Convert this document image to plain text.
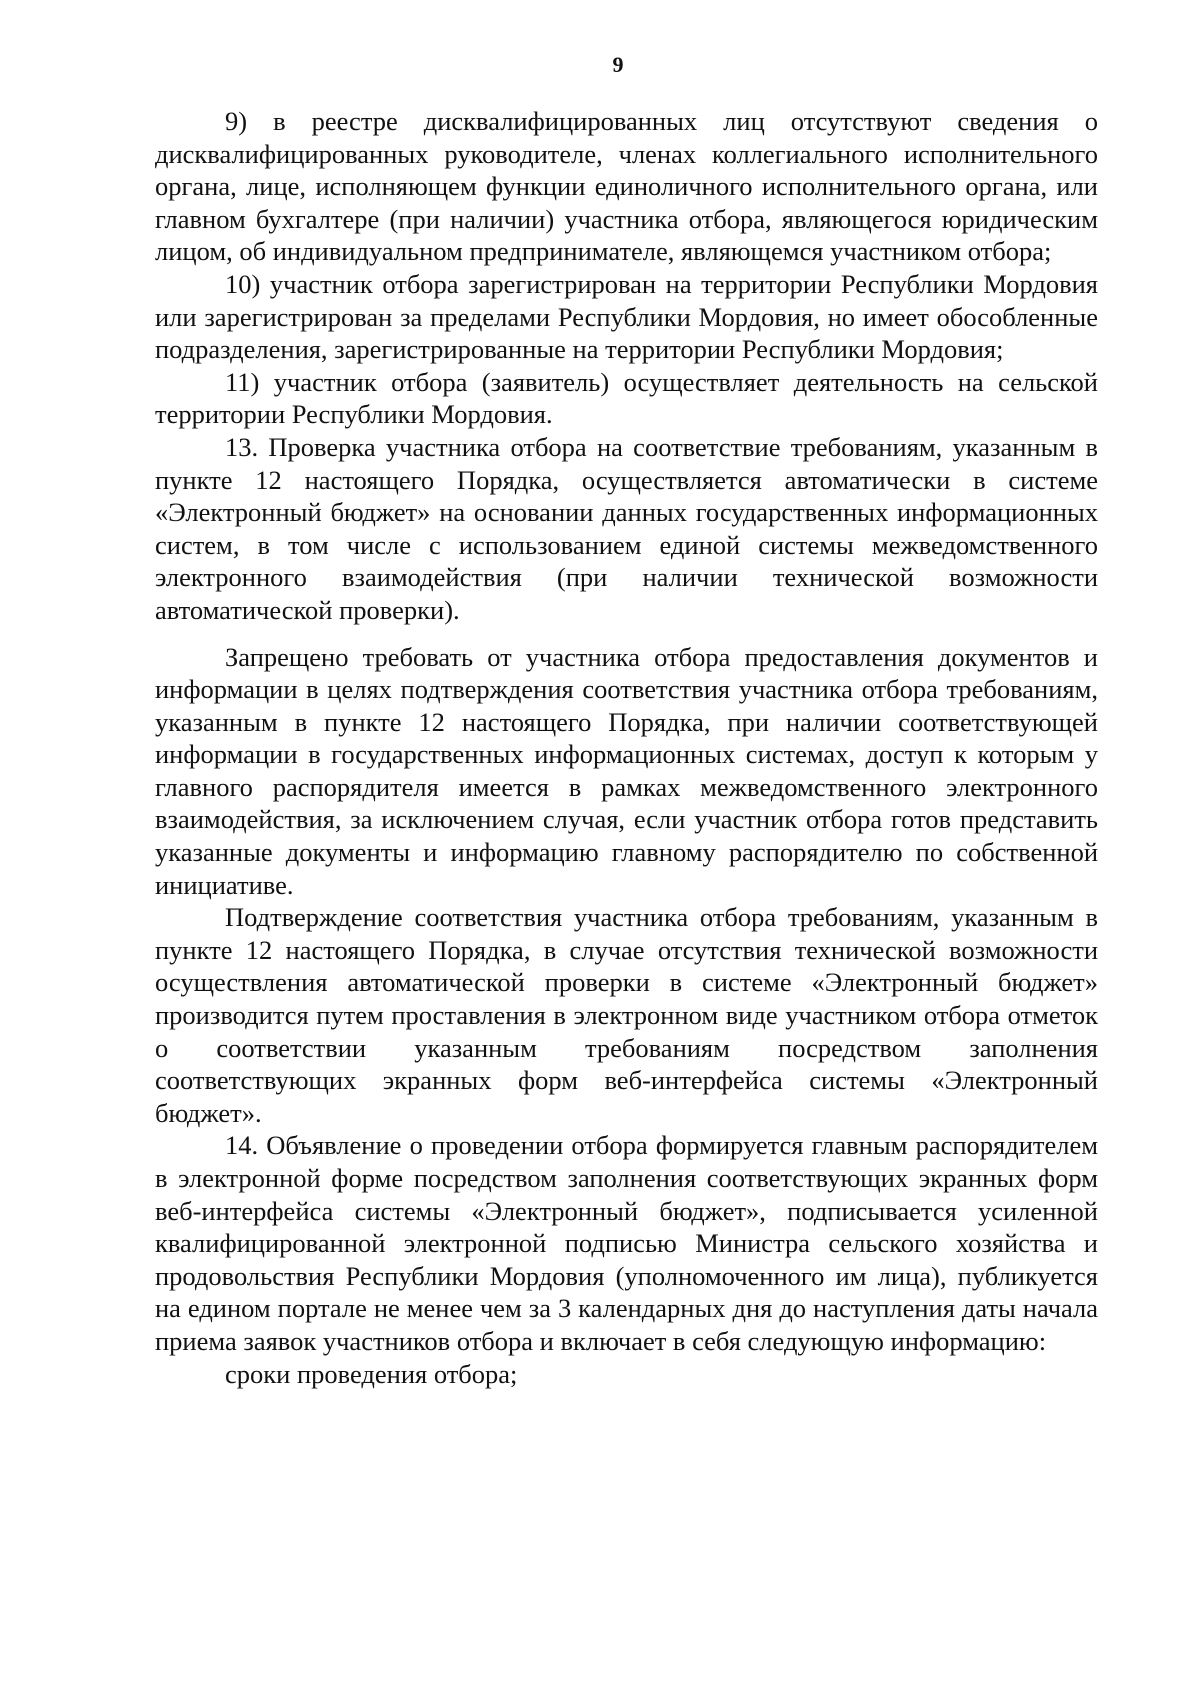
9

9) в реестре дисквалифицированных лиц отсутствуют сведения о дисквалифицированных руководителе, членах коллегиального исполнительного органа, лице, исполняющем функции единоличного исполнительного органа, или главном бухгалтере (при наличии) участника отбора, являющегося юридическим лицом, об индивидуальном предпринимателе, являющемся участником отбора;

10) участник отбора зарегистрирован на территории Республики Мордовия или зарегистрирован за пределами Республики Мордовия, но имеет обособленные подразделения, зарегистрированные на территории Республики Мордовия;

11) участник отбора (заявитель) осуществляет деятельность на сельской территории Республики Мордовия.

13. Проверка участника отбора на соответствие требованиям, указанным в пункте 12 настоящего Порядка, осуществляется автоматически в системе «Электронный бюджет» на основании данных государственных информационных систем, в том числе с использованием единой системы межведомственного электронного взаимодействия (при наличии технической возможности автоматической проверки).

Запрещено требовать от участника отбора предоставления документов и информации в целях подтверждения соответствия участника отбора требованиям, указанным в пункте 12 настоящего Порядка, при наличии соответствующей информации в государственных информационных системах, доступ к которым у главного распорядителя имеется в рамках межведомственного электронного взаимодействия, за исключением случая, если участник отбора готов представить указанные документы и информацию главному распорядителю по собственной инициативе.

Подтверждение соответствия участника отбора требованиям, указанным в пункте 12 настоящего Порядка, в случае отсутствия технической возможности осуществления автоматической проверки в системе «Электронный бюджет» производится путем проставления в электронном виде участником отбора отметок о соответствии указанным требованиям посредством заполнения соответствующих экранных форм веб-интерфейса системы «Электронный бюджет».

14. Объявление о проведении отбора формируется главным распорядителем в электронной форме посредством заполнения соответствующих экранных форм веб-интерфейса системы «Электронный бюджет», подписывается усиленной квалифицированной электронной подписью Министра сельского хозяйства и продовольствия Республики Мордовия (уполномоченного им лица), публикуется на едином портале не менее чем за 3 календарных дня до наступления даты начала приема заявок участников отбора и включает в себя следующую информацию:

сроки проведения отбора;
